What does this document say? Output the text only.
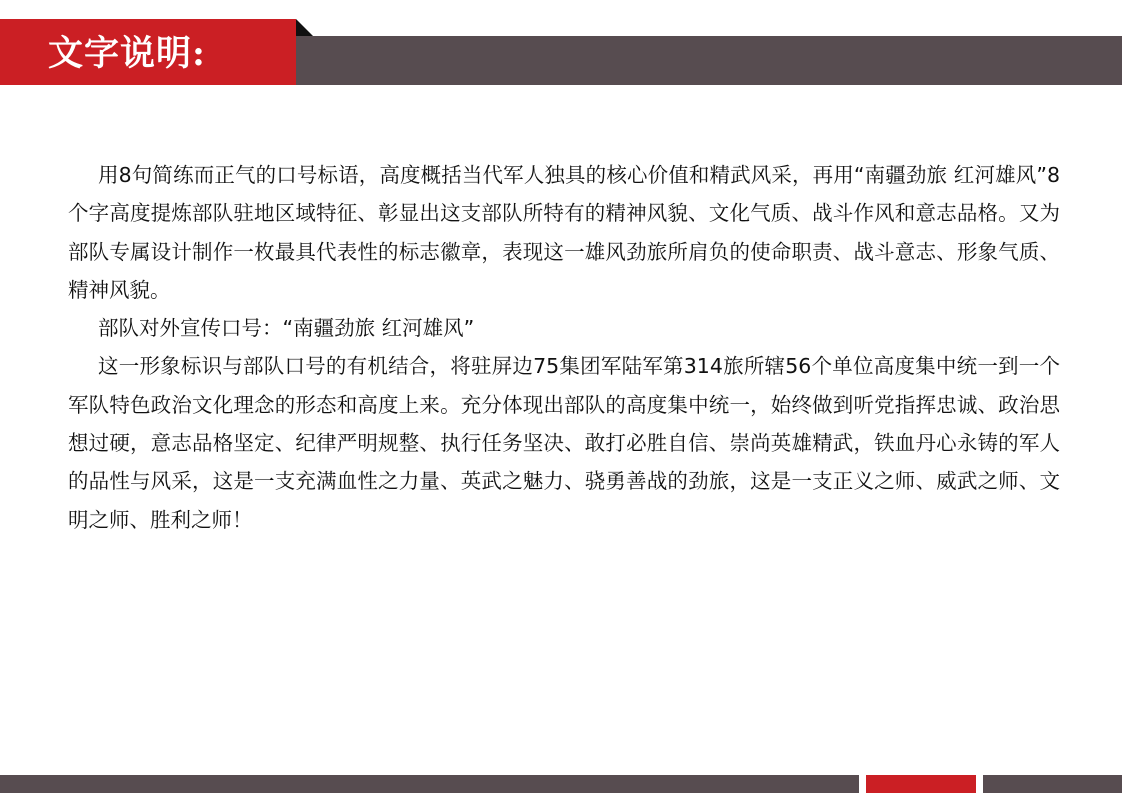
文字说明:

用8句简练而正气的口号标语，高度概括当代军人独具的核心价值和精武风采，再用“南疆劲旅 红河雄风”8个字高度提炼部队驻地区域特征、彰显出这支部队所特有的精神风貌、文化气质、战斗作风和意志品格。又为部队专属设计制作一枚最具代表性的标志徽章，表现这一雄风劲旅所肩负的使命职责、战斗意志、形象气质、精神风貌。

部队对外宣传口号：“南疆劲旅 红河雄风”

这一形象标识与部队口号的有机结合，将驻屏边75集团军陆军第314旅所辖56个单位高度集中统一到一个军队特色政治文化理念的形态和高度上来。充分体现出部队的高度集中统一，始终做到听党指挥忠诚、政治思想过硬，意志品格坚定、纪律严明规整、执行任务坚决、敢打必胜自信、崇尚英雄精武，铁血丹心永铸的军人的品性与风采，这是一支充满血性之力量、英武之魅力、骁勇善战的劲旅，这是一支正义之师、威武之师、文明之师、胜利之师！
